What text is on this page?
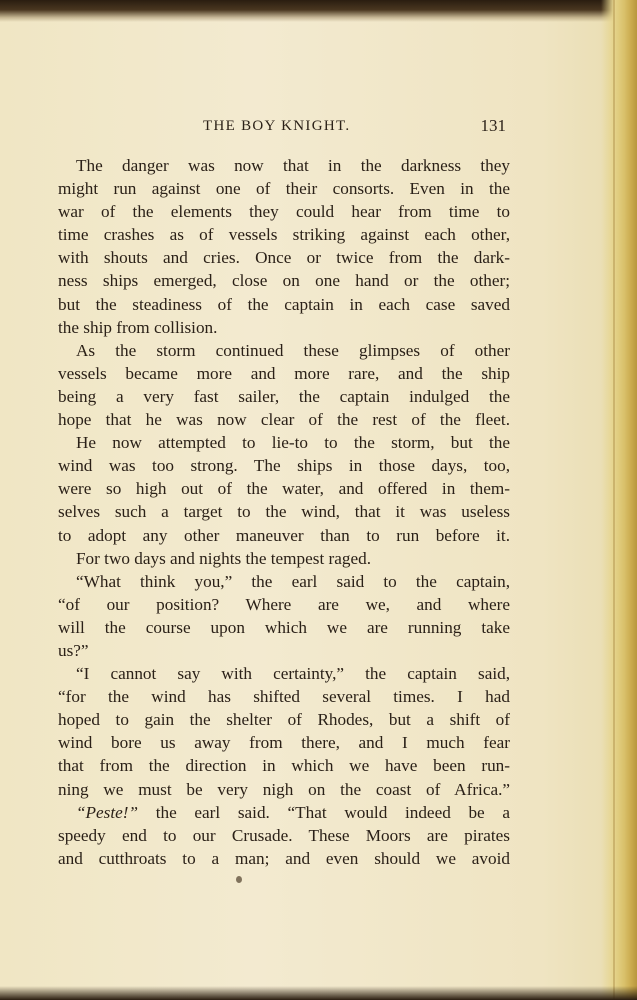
THE BOY KNIGHT.	131
The danger was now that in the darkness they
might run against one of their consorts. Even in the
war of the elements they could hear from time to
time crashes as of vessels striking against each other,
with shouts and cries. Once or twice from the dark-
ness ships emerged, close on one hand or the other;
but the steadiness of the captain in each case saved
the ship from collision.
As the storm continued these glimpses of other
vessels became more and more rare, and the ship
being a very fast sailer, the captain indulged the
hope that he was now clear of the rest of the fleet.
He now attempted to lie-to to the storm, but the
wind was too strong. The ships in those days, too,
were so high out of the water, and offered in them-
selves such a target to the wind, that it was useless
to adopt any other maneuver than to run before it.
For two days and nights the tempest raged.
“What think you,” the earl said to the captain,
“of our position? Where are we, and where
will the course upon which we are running take
us?”
“I cannot say with certainty,” the captain said,
“for the wind has shifted several times. I had
hoped to gain the shelter of Rhodes, but a shift of
wind bore us away from there, and I much fear
that from the direction in which we have been run-
ning we must be very nigh on the coast of Africa.”
“Peste!” the earl said. “That would indeed be a
speedy end to our Crusade. These Moors are pirates
and cutthroats to a man; and even should we avoid
